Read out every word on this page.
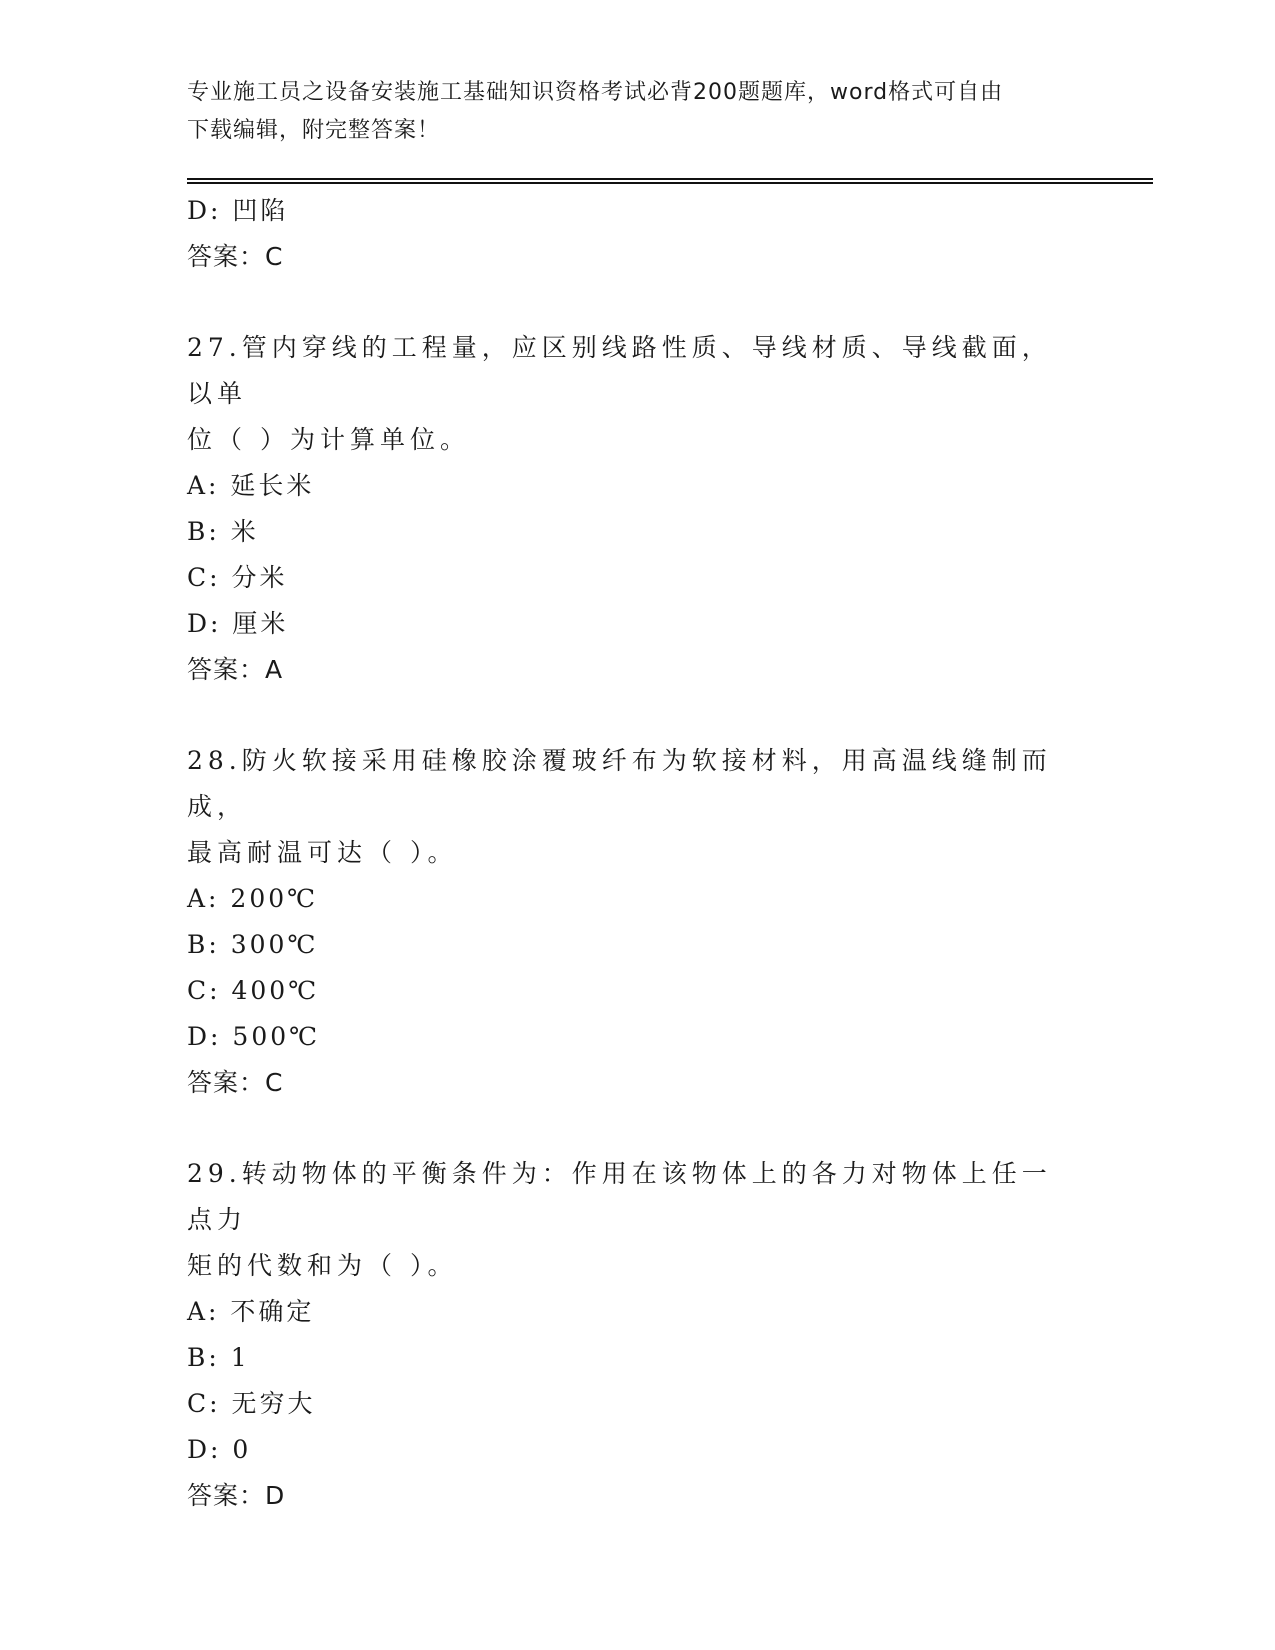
专业施工员之设备安装施工基础知识资格考试必背200题题库，word格式可自由
下载编辑，附完整答案！
D: 凹陷
答案：C
27.管内穿线的工程量，应区别线路性质、导线材质、导线截面，以单
位（ ）为计算单位。
A: 延长米
B: 米
C: 分米
D: 厘米
答案：A
28.防火软接采用硅橡胶涂覆玻纤布为软接材料，用高温线缝制而成，
最高耐温可达（ ）。
A: 200℃
B: 300℃
C: 400℃
D: 500℃
答案：C
29.转动物体的平衡条件为：作用在该物体上的各力对物体上任一点力
矩的代数和为（ ）。
A: 不确定
B: 1
C: 无穷大
D: 0
答案：D
